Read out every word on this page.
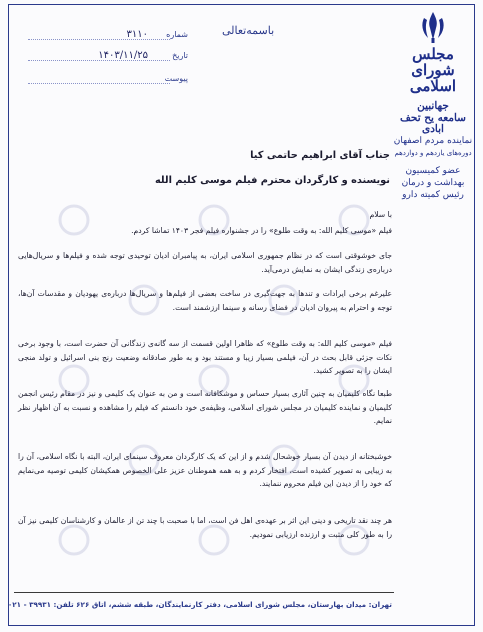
مجلس شورای اسلامی
جهانبین
سامعه یح تحف ابادی
نماینده مردم اصفهان
دوره‌های یازدهم و دوازدهم
عضو کمیسیون
بهداشت و درمان
رئیس کمیته دارو
باسمه‌تعالی
شماره
۳۱۱۰
تاریخ
۱۴۰۳/۱۱/۲۵
پیوست
جناب آقای ابراهیم حاتمی کیا
نویسنده و کارگردان محترم فیلم موسی کلیم الله
با سلام
فیلم «موسی کلیم الله: به وقت طلوع» را در جشنواره فیلم فجر ۱۴۰۳ تماشا کردم.
جای خوشوقتی است که در نظام جمهوری اسلامی ایران، به پیامبران ادیان توحیدی توجه شده و فیلم‌ها و سریال‌هایی درباره‌ی زندگی ایشان به نمایش درمی‌آید.
علیرغم برخی ایرادات و تندها به جهت‌گیری در ساخت بعضی از فیلم‌ها و سریال‌ها درباره‌ی یهودیان و مقدسات آن‌ها، توجه و احترام به پیروان ادیان در فضای رسانه و سینما ارزشمند است.
فیلم «موسی کلیم الله: به وقت طلوع» که ظاهرا اولین قسمت از سه گانه‌ی زندگانی آن حضرت است، با وجود برخی نکات جزئی قابل بحث در آن، فیلمی بسیار زیبا و مستند بود و به طور صادقانه وضعیت رنج بنی اسرائیل و تولد منجی ایشان را به تصویر کشید.
طبعا نگاه کلیمیان به چنین آثاری بسیار حساس و موشکافانه است و من به عنوان یک کلیمی و نیز در مقام رئیس انجمن کلیمیان و نماینده کلیمیان در مجلس شورای اسلامی، وظیفه‌ی خود دانستم که فیلم را مشاهده و نسبت به آن اظهار نظر نمایم.
خوشبختانه از دیدن آن بسیار خوشحال شدم و از این که یک کارگردان معروف سینمای ایران، البته با نگاه اسلامی، آن را به زیبایی به تصویر کشیده است، افتخار کردم و به همه هموطنان عزیز علی الخصوص همکیشان کلیمی توصیه می‌نمایم که خود را از دیدن این فیلم محروم ننمایند.
هر چند نقد تاریخی و دینی این اثر بر عهده‌ی اهل فن است، اما با صحبت با چند تن از عالمان و کارشناسان کلیمی نیز آن را به طور کلی مثبت و ارزنده ارزیابی نمودیم.
تهران: میدان بهارستان، مجلس شورای اسلامی، دفتر کارنمایندگان، طبقه ششم، اتاق ۶۲۶ تلفن: ۳۹۹۳۱ - ۰۲۱
